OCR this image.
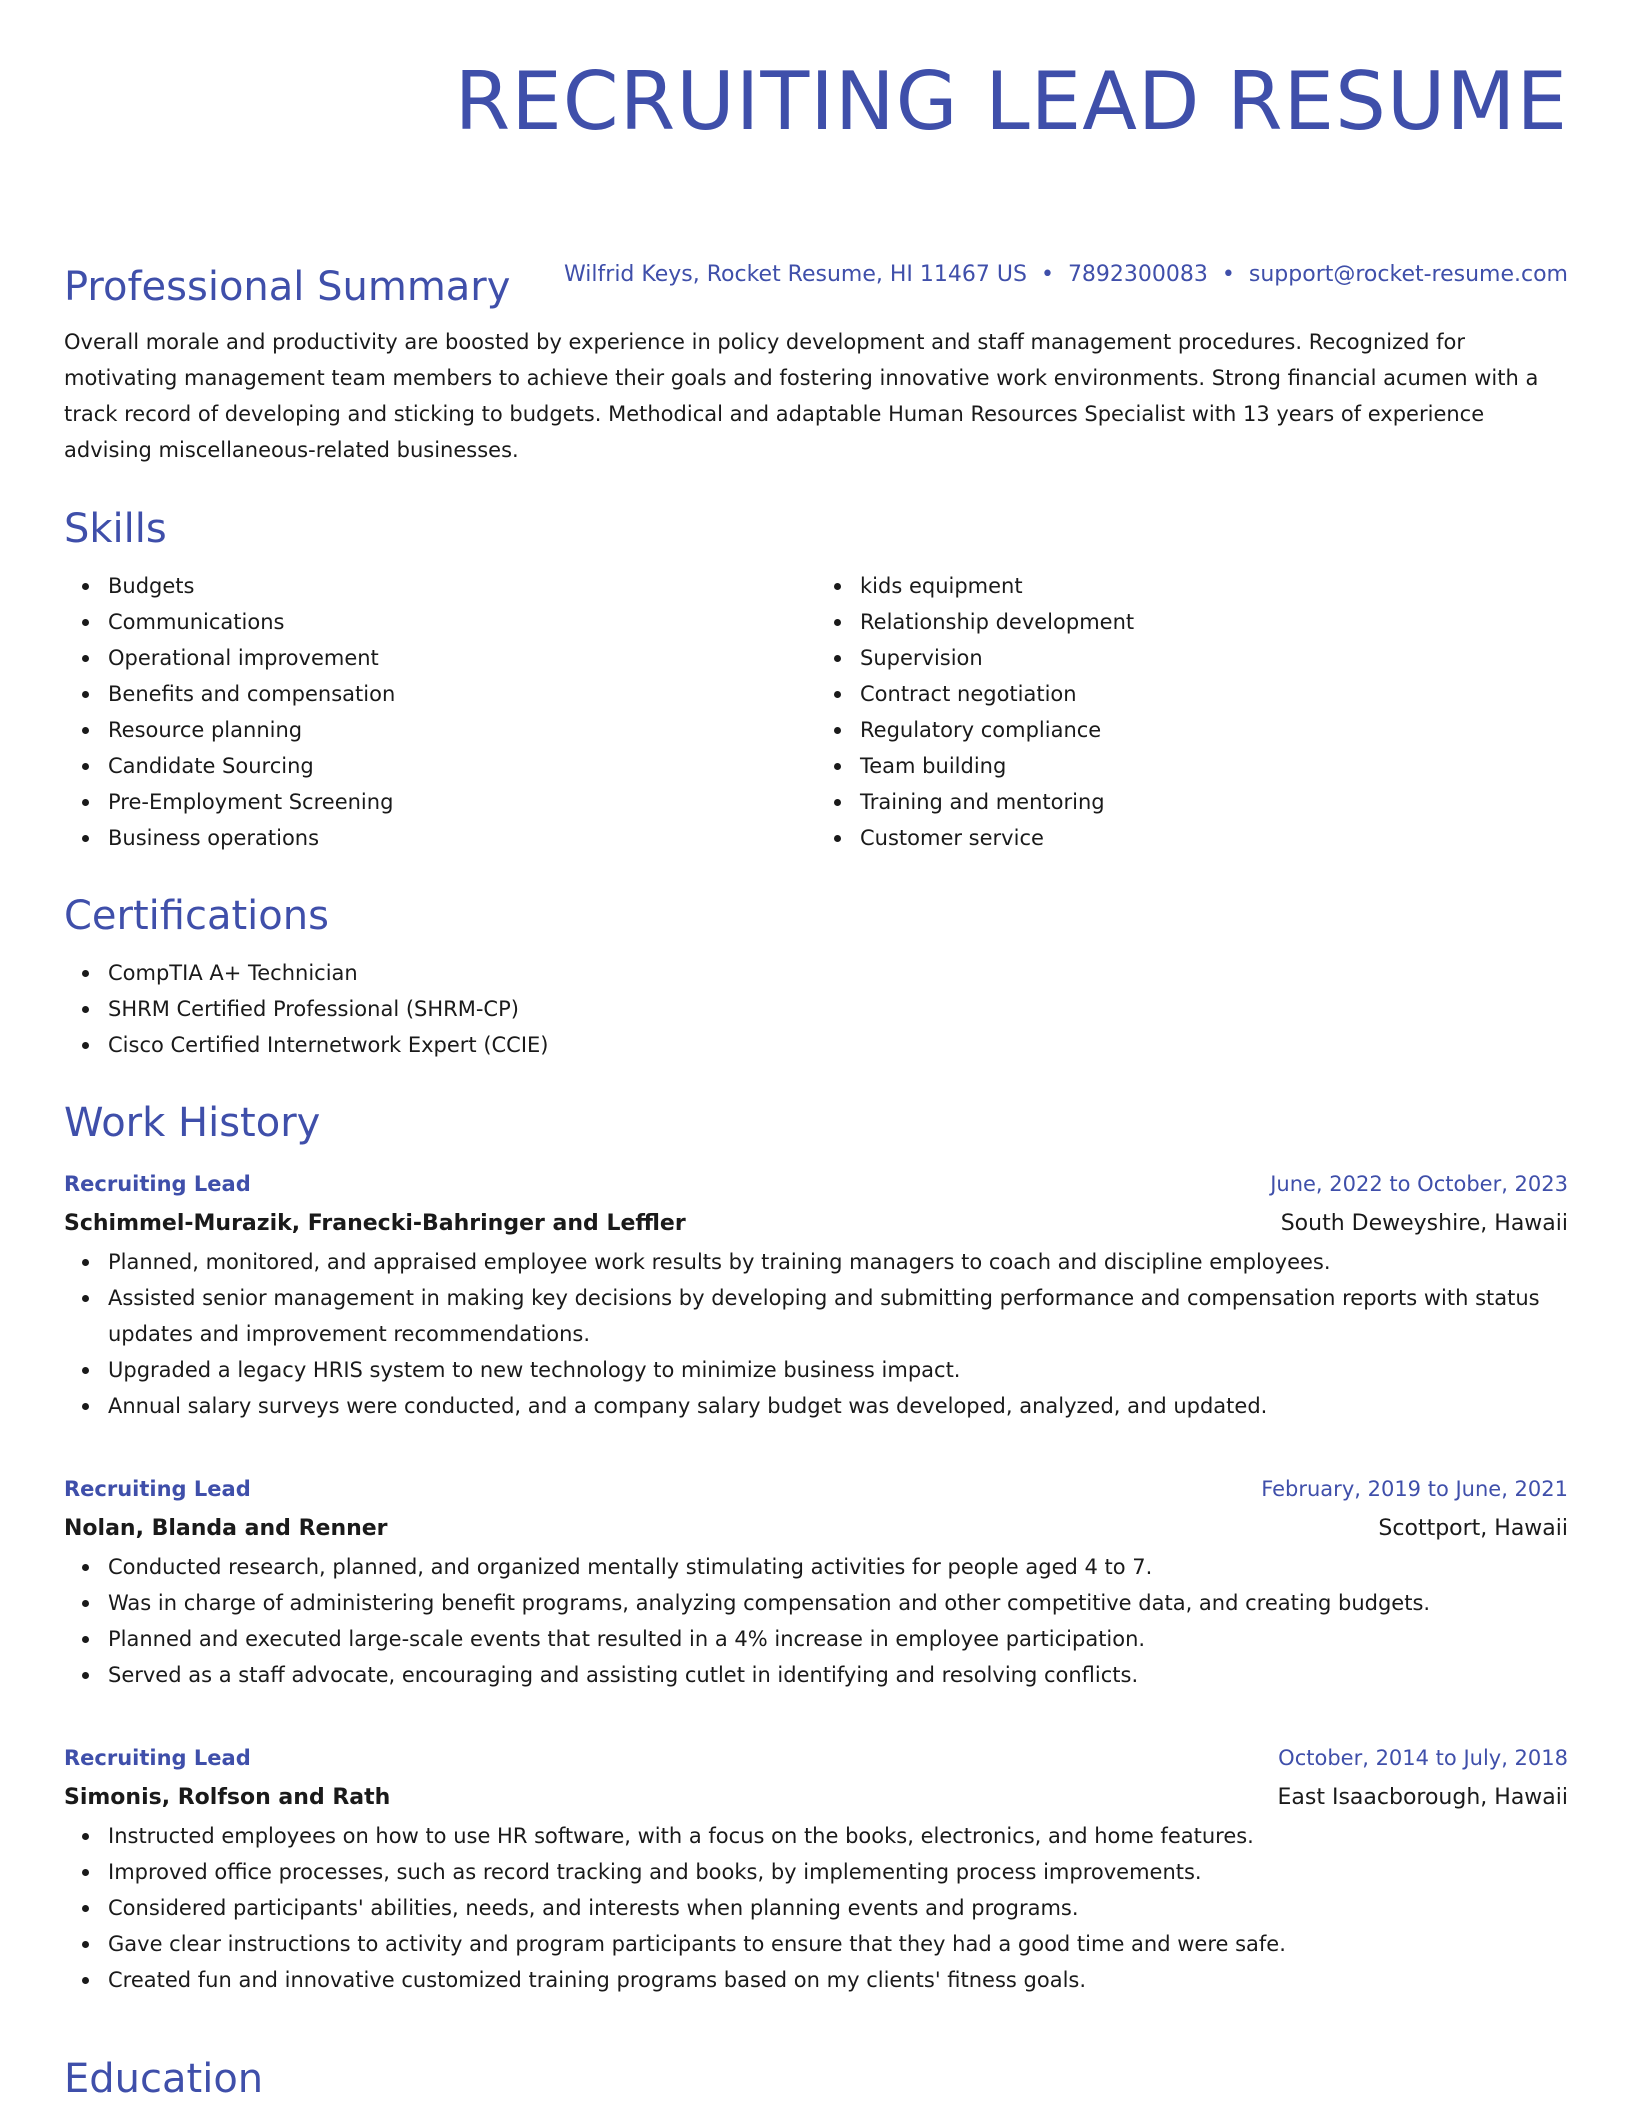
RECRUITING LEAD RESUME
Wilfrid Keys, Rocket Resume, HI 11467 US • 7892300083 • support@rocket-resume.com
Professional Summary
Overall morale and productivity are boosted by experience in policy development and staff management procedures. Recognized for motivating management team members to achieve their goals and fostering innovative work environments. Strong financial acumen with a track record of developing and sticking to budgets. Methodical and adaptable Human Resources Specialist with 13 years of experience advising miscellaneous-related businesses.
Skills
Budgets
Communications
Operational improvement
Benefits and compensation
Resource planning
Candidate Sourcing
Pre-Employment Screening
Business operations
kids equipment
Relationship development
Supervision
Contract negotiation
Regulatory compliance
Team building
Training and mentoring
Customer service
Certifications
CompTIA A+ Technician
SHRM Certified Professional (SHRM-CP)
Cisco Certified Internetwork Expert (CCIE)
Work History
Recruiting Lead	June, 2022 to October, 2023
Schimmel-Murazik, Franecki-Bahringer and Leffler	South Deweyshire, Hawaii
Planned, monitored, and appraised employee work results by training managers to coach and discipline employees.
Assisted senior management in making key decisions by developing and submitting performance and compensation reports with status updates and improvement recommendations.
Upgraded a legacy HRIS system to new technology to minimize business impact.
Annual salary surveys were conducted, and a company salary budget was developed, analyzed, and updated.
Recruiting Lead	February, 2019 to June, 2021
Nolan, Blanda and Renner	Scottport, Hawaii
Conducted research, planned, and organized mentally stimulating activities for people aged 4 to 7.
Was in charge of administering benefit programs, analyzing compensation and other competitive data, and creating budgets.
Planned and executed large-scale events that resulted in a 4% increase in employee participation.
Served as a staff advocate, encouraging and assisting cutlet in identifying and resolving conflicts.
Recruiting Lead	October, 2014 to July, 2018
Simonis, Rolfson and Rath	East Isaacborough, Hawaii
Instructed employees on how to use HR software, with a focus on the books, electronics, and home features.
Improved office processes, such as record tracking and books, by implementing process improvements.
Considered participants' abilities, needs, and interests when planning events and programs.
Gave clear instructions to activity and program participants to ensure that they had a good time and were safe.
Created fun and innovative customized training programs based on my clients' fitness goals.
Education
